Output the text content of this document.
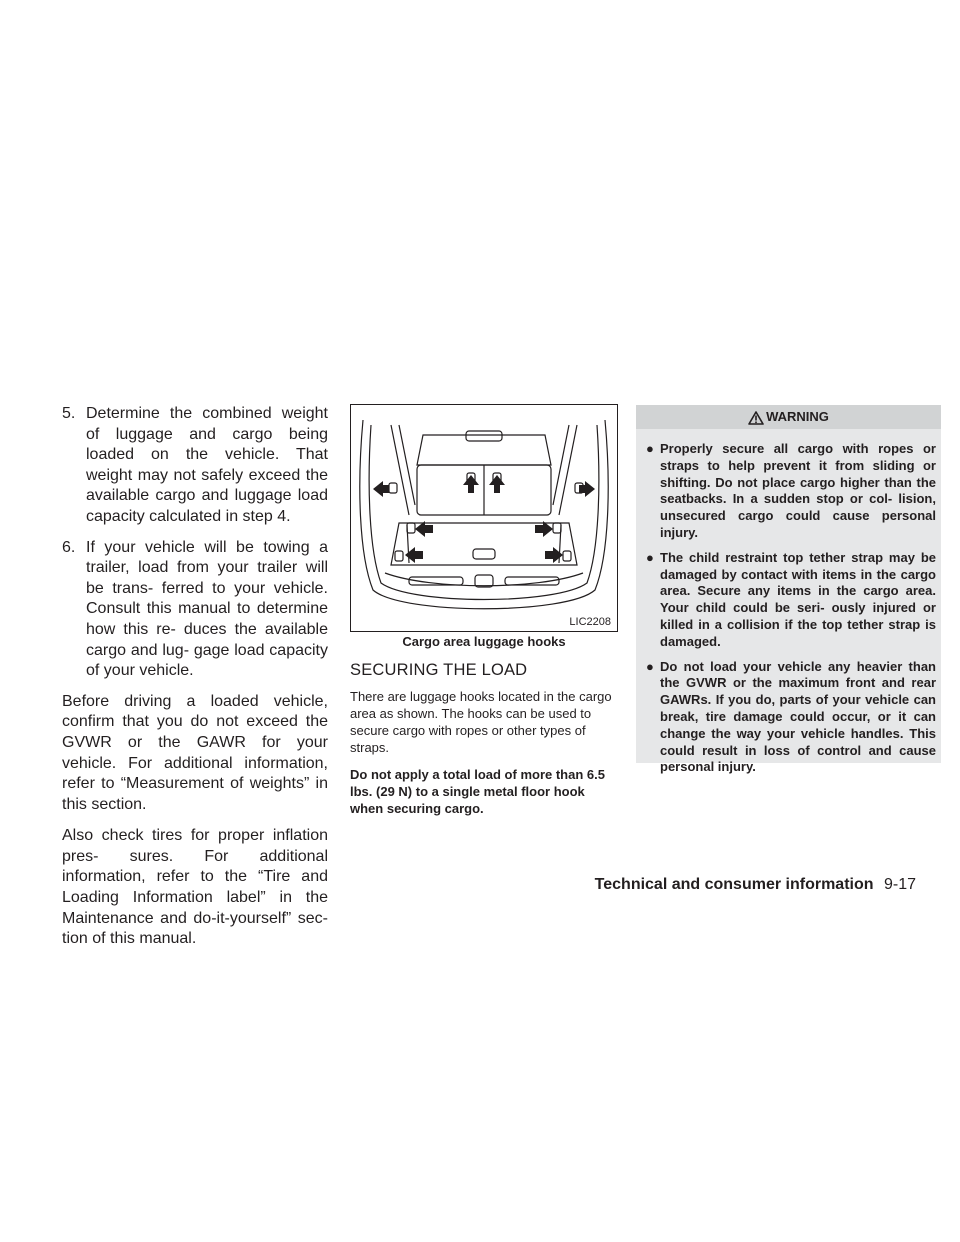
5. Determine the combined weight of luggage and cargo being loaded on the vehicle. That weight may not safely exceed the available cargo and luggage load capacity calculated in step 4.
6. If your vehicle will be towing a trailer, load from your trailer will be trans- ferred to your vehicle. Consult this manual to determine how this re- duces the available cargo and lug- gage load capacity of your vehicle.

Before driving a loaded vehicle, confirm that you do not exceed the GVWR or the GAWR for your vehicle. For additional information, refer to “Measurement of weights” in this section.

Also check tires for proper inflation pres- sures. For additional information, refer to the “Tire and Loading Information label” in the Maintenance and do-it-yourself” sec- tion of this manual.

LIC2208
Cargo area luggage hooks
SECURING THE LOAD

There are luggage hooks located in the cargo area as shown. The hooks can be used to secure cargo with ropes or other types of straps.

Do not apply a total load of more than 6.5 lbs. (29 N) to a single metal floor hook when securing cargo.

WARNING
● Properly secure all cargo with ropes or straps to help prevent it from sliding or shifting. Do not place cargo higher than the seatbacks. In a sudden stop or col- lision, unsecured cargo could cause personal injury.
● The child restraint top tether strap may be damaged by contact with items in the cargo area. Secure any items in the cargo area. Your child could be seri- ously injured or killed in a collision if the top tether strap is damaged.
● Do not load your vehicle any heavier than the GVWR or the maximum front and rear GAWRs. If you do, parts of your vehicle can break, tire damage could occur, or it can change the way your vehicle handles. This could result in loss of control and cause personal injury.
Technical and consumer information 9-17
